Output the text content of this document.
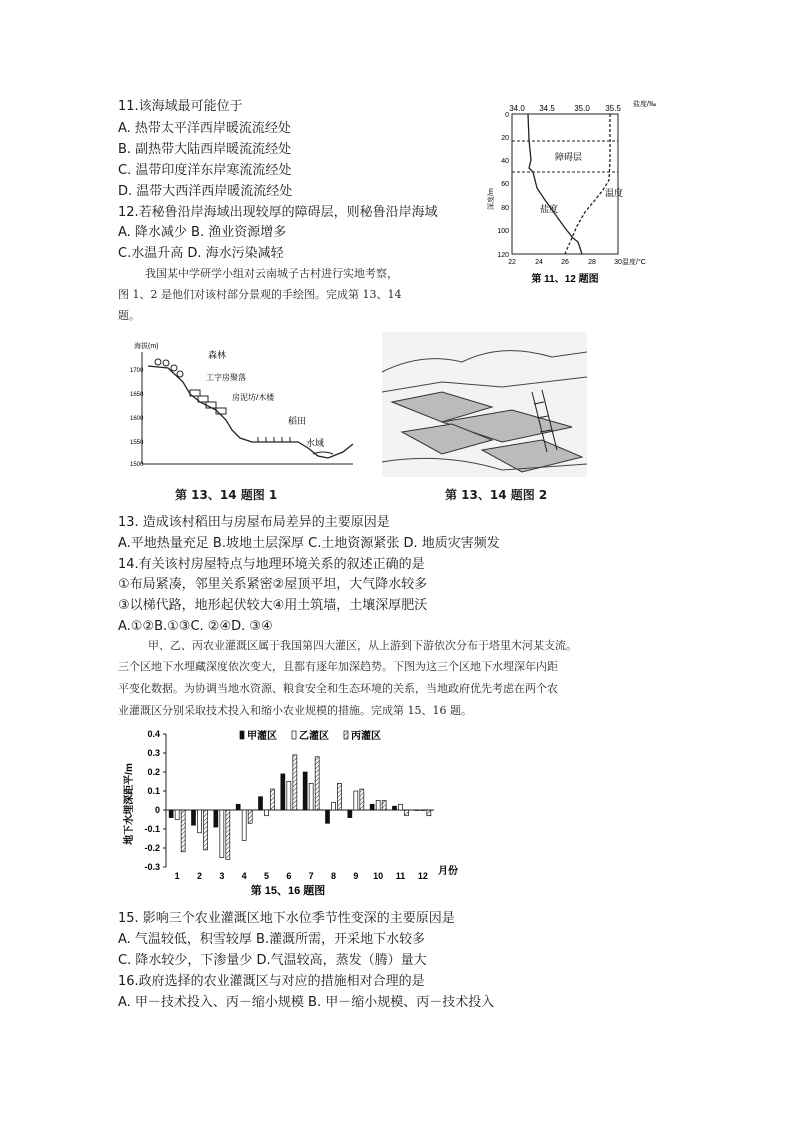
11.该海域最可能位于
A. 热带太平洋西岸暖流流经处
B. 副热带大陆西岸暖流流经处
C. 温带印度洋东岸寒流流经处
D. 温带大西洋西岸暖流流经处
12.若秘鲁沿岸海域出现较厚的障碍层，则秘鲁沿岸海域
A. 降水减少 B. 渔业资源增多
C.水温升高 D. 海水污染减轻
我国某中学研学小组对云南城子古村进行实地考察，
图 1、2 是他们对该村部分景观的手绘图。完成第 13、14
题。
34.0 34.5 35.0 35.5 盐度/‰
0
20
40
60
80
100
120
深度/m
障碍层
盐度
温度
22	24	26	28	30 温度/°C
第 11、12 题图
海拔(m)
1700
1650
1600
1550
1500
森林
工字房聚落
房泥坊/木楼
稻田
水域
第 13、14 题图 1	第 13、14 题图 2
13. 造成该村稻田与房屋布局差异的主要原因是
A.平地热量充足 B.坡地土层深厚 C.土地资源紧张 D. 地质灾害频发
14.有关该村房屋特点与地理环境关系的叙述正确的是
①布局紧凑，邻里关系紧密②屋顶平坦，大气降水较多
③以梯代路，地形起伏较大④用土筑墙，土壤深厚肥沃
A.①②B.①③C. ②④D. ③④
甲、乙、丙农业灌溉区属于我国第四大灌区，从上游到下游依次分布于塔里木河某支流。
三个区地下水埋藏深度依次变大，且都有逐年加深趋势。下图为这三个区地下水埋深年内距
平变化数据。为协调当地水资源、粮食安全和生态环境的关系，当地政府优先考虑在两个农
业灌溉区分别采取技术投入和缩小农业规模的措施。完成第 15、16 题。
0.4
0.3
0.2
0.1
0
-0.1
-0.2
-0.3
1 2 3 4 5 6 7 8 9 10 11 12
甲灌区 乙灌区 丙灌区
地下水埋深距平/m
月份
第 15、16 题图
15. 影响三个农业灌溉区地下水位季节性变深的主要原因是
A. 气温较低，积雪较厚 B.灌溉所需，开采地下水较多
C. 降水较少，下渗量少 D.气温较高，蒸发（腾）量大
16.政府选择的农业灌溉区与对应的措施相对合理的是
A. 甲－技术投入、丙－缩小规模 B. 甲－缩小规模、丙－技术投入
